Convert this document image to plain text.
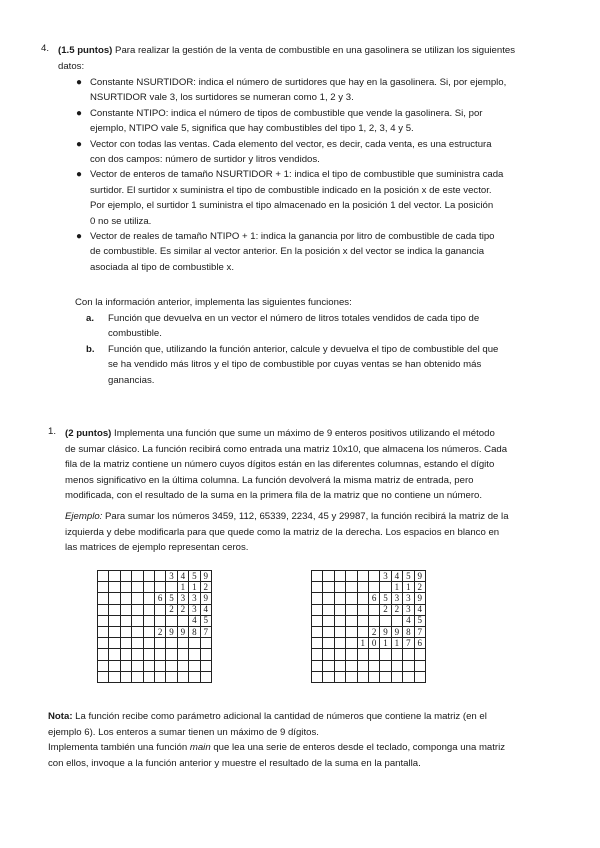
4. (1.5 puntos) Para realizar la gestión de la venta de combustible en una gasolinera se utilizan los siguientes
datos:

● Constante NSURTIDOR: indica el número de surtidores que hay en la gasolinera. Si, por ejemplo,
NSURTIDOR vale 3, los surtidores se numeran como 1, 2 y 3.
● Constante NTIPO: indica el número de tipos de combustible que vende la gasolinera. Si, por
ejemplo, NTIPO vale 5, significa que hay combustibles del tipo 1, 2, 3, 4 y 5.
● Vector con todas las ventas. Cada elemento del vector, es decir, cada venta, es una estructura
con dos campos: número de surtidor y litros vendidos.
● Vector de enteros de tamaño NSURTIDOR + 1: indica el tipo de combustible que suministra cada
surtidor. El surtidor x suministra el tipo de combustible indicado en la posición x de este vector.
Por ejemplo, el surtidor 1 suministra el tipo almacenado en la posición 1 del vector. La posición
0 no se utiliza.
● Vector de reales de tamaño NTIPO + 1: indica la ganancia por litro de combustible de cada tipo
de combustible. Es similar al vector anterior. En la posición x del vector se indica la ganancia
asociada al tipo de combustible x.

Con la información anterior, implementa las siguientes funciones:

a. Función que devuelva en un vector el número de litros totales vendidos de cada tipo de
combustible.
b. Función que, utilizando la función anterior, calcule y devuelva el tipo de combustible del que
se ha vendido más litros y el tipo de combustible por cuyas ventas se han obtenido más
ganancias.
1. (2 puntos) Implementa una función que sume un máximo de 9 enteros positivos utilizando el método
de sumar clásico. La función recibirá como entrada una matriz 10x10, que almacena los números. Cada
fila de la matriz contiene un número cuyos dígitos están en las diferentes columnas, estando el dígito
menos significativo en la última columna. La función devolverá la misma matriz de entrada, pero
modificada, con el resultado de la suma en la primera fila de la matriz que no contiene un número.

Ejemplo: Para sumar los números 3459, 112, 65339, 2234, 45 y 29987, la función recibirá la matriz de la
izquierda y debe modificarla para que quede como la matriz de la derecha. Los espacios en blanco en
las matrices de ejemplo representan ceros.

						3	4	5	9
							1	1	2
					6	5	3	3	9
						2	2	3	4
								4	5
					2	9	9	8	7

						3	4	5	9
							1	1	2
					6	5	3	3	9
						2	2	3	4
								4	5
					2	9	9	8	7
				1	0	1	1	7	6

Nota: La función recibe como parámetro adicional la cantidad de números que contiene la matriz (en el
ejemplo 6). Los enteros a sumar tienen un máximo de 9 dígitos.
Implementa también una función main que lea una serie de enteros desde el teclado, componga una matriz
con ellos, invoque a la función anterior y muestre el resultado de la suma en la pantalla.
